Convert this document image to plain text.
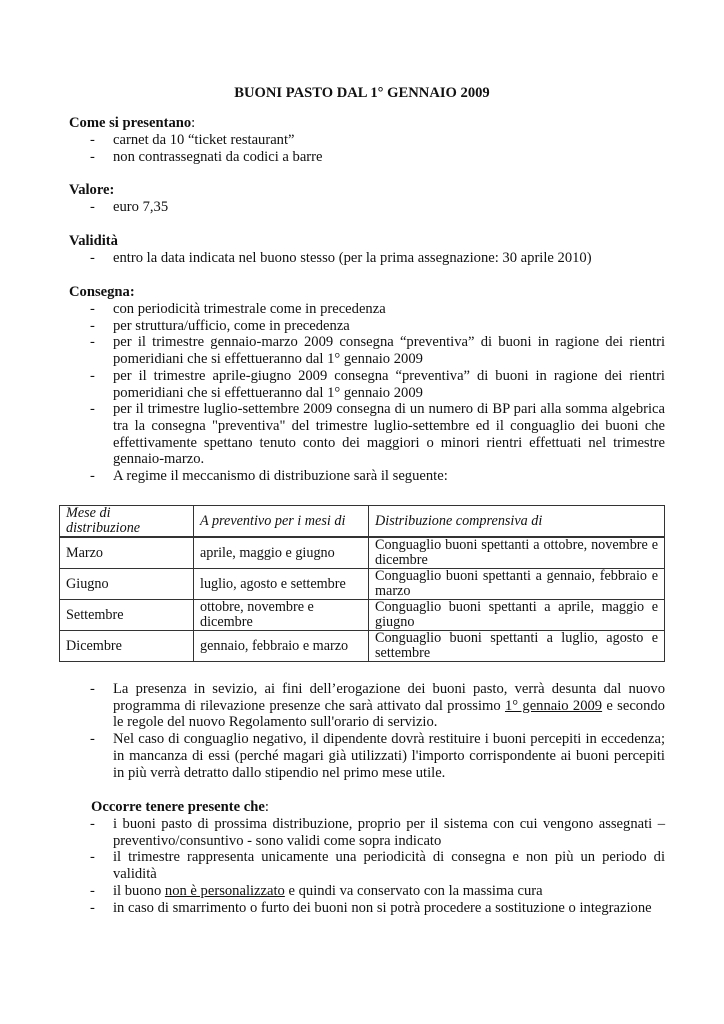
BUONI PASTO DAL 1° GENNAIO 2009
Come si presentano:
- carnet da 10 “ticket restaurant”
- non contrassegnati da codici a barre
Valore:
- euro 7,35
Validità
- entro la data indicata nel buono stesso (per la prima assegnazione: 30 aprile 2010)
Consegna:
- con periodicità trimestrale come in precedenza
- per struttura/ufficio, come in precedenza
- per il trimestre gennaio-marzo 2009 consegna “preventiva” di buoni in ragione dei rientri pomeridiani che si effettueranno dal 1° gennaio 2009
- per il trimestre aprile-giugno 2009 consegna “preventiva” di buoni in ragione dei rientri pomeridiani che si effettueranno dal 1° gennaio 2009
- per il trimestre luglio-settembre 2009 consegna di un numero di BP pari alla somma algebrica tra la consegna "preventiva" del trimestre luglio-settembre ed il conguaglio dei buoni che effettivamente spettano tenuto conto dei maggiori o minori rientri effettuati nel trimestre gennaio-marzo.
- A regime il meccanismo di distribuzione sarà il seguente:
Mese di distribuzione	A preventivo per i mesi di	Distribuzione comprensiva di
Marzo	aprile, maggio e giugno	Conguaglio buoni spettanti a ottobre, novembre e dicembre
Giugno	luglio, agosto e settembre	Conguaglio buoni spettanti a gennaio, febbraio e marzo
Settembre	ottobre, novembre e dicembre	Conguaglio buoni spettanti a aprile, maggio e giugno
Dicembre	gennaio, febbraio e marzo	Conguaglio buoni spettanti a luglio, agosto e settembre
- La presenza in sevizio, ai fini dell’erogazione dei buoni pasto, verrà desunta dal nuovo programma di rilevazione presenze che sarà attivato dal prossimo 1° gennaio 2009 e secondo le regole del nuovo Regolamento sull'orario di servizio.
- Nel caso di conguaglio negativo, il dipendente dovrà restituire i buoni percepiti in eccedenza; in mancanza di essi (perché magari già utilizzati) l'importo corrispondente ai buoni percepiti in più verrà detratto dallo stipendio nel primo mese utile.
Occorre tenere presente che:
- i buoni pasto di prossima distribuzione, proprio per il sistema con cui vengono assegnati – preventivo/consuntivo - sono validi come sopra indicato
- il trimestre rappresenta unicamente una periodicità di consegna e non più un periodo di validità
- il buono non è personalizzato e quindi va conservato con la massima cura
- in caso di smarrimento o furto dei buoni non si potrà procedere a sostituzione o integrazione
